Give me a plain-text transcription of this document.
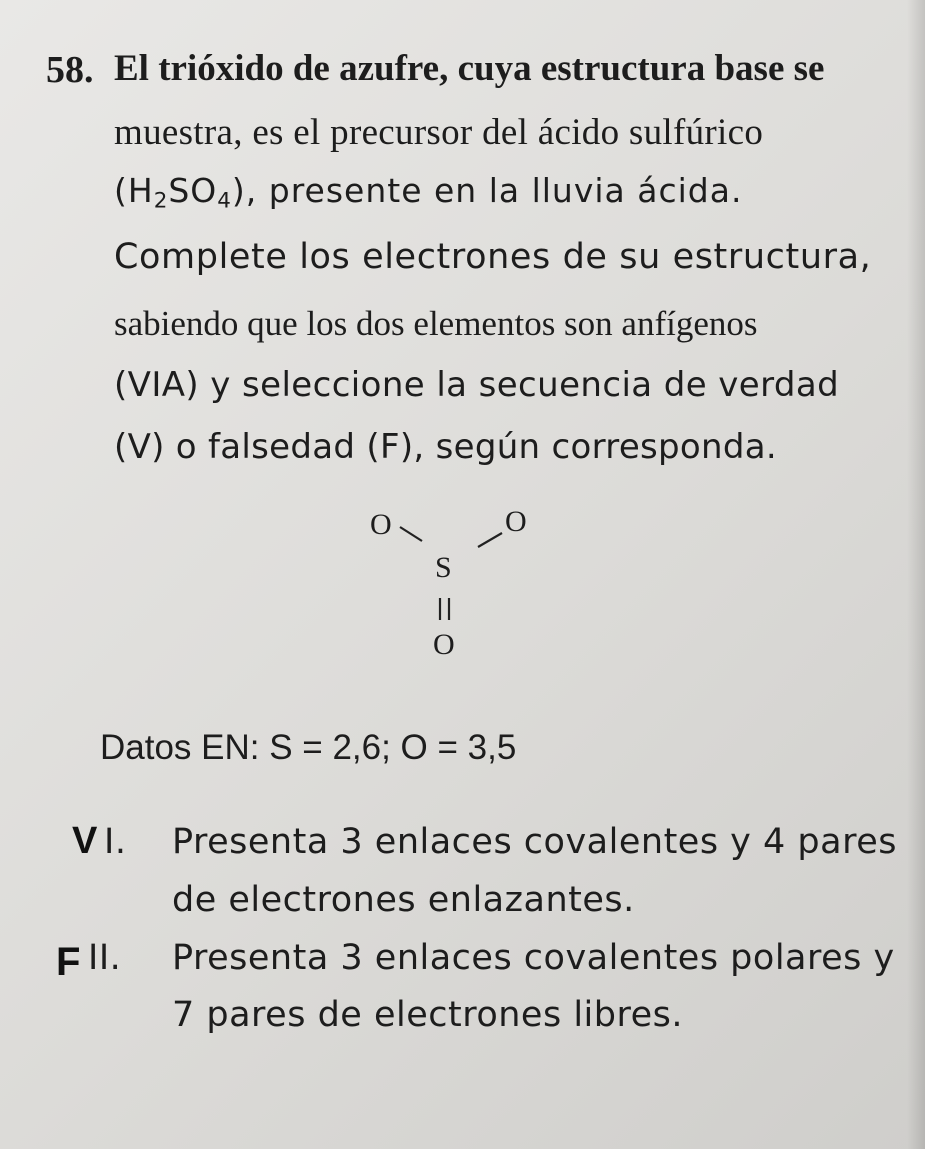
58. El trióxido de azufre, cuya estructura base se
muestra, es el precursor del ácido sulfúrico
$(H_2SO_4)$, presente en la lluvia ácida.
Complete los electrones de su estructura,
sabiendo que los dos elementos son anfígenos
(VIA) y seleccione la secuencia de verdad
(V) o falsedad (F), según corresponda.
O	O
S
O
Datos EN: S = 2,6; O = 3,5
V I. Presenta 3 enlaces covalentes y 4 pares
de electrones enlazantes.
F II. Presenta 3 enlaces covalentes polares y
7 pares de electrones libres.
